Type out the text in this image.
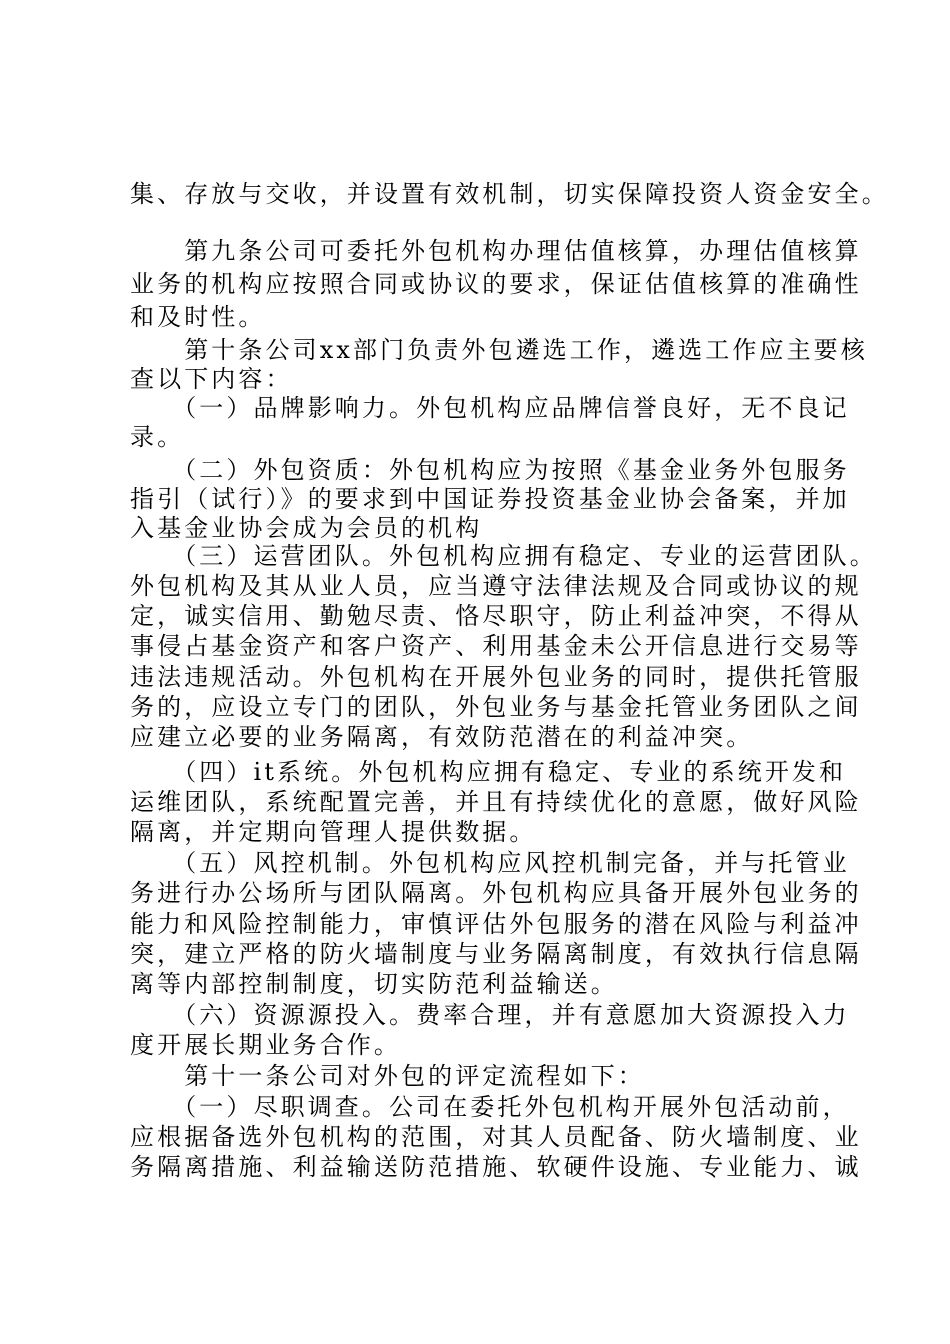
集、存放与交收，并设置有效机制，切实保障投资人资金安全。
　　第九条公司可委托外包机构办理估值核算，办理估值核算
业务的机构应按照合同或协议的要求，保证估值核算的准确性
和及时性。
　　第十条公司xx部门负责外包遴选工作，遴选工作应主要核
查以下内容：
　　（一）品牌影响力。外包机构应品牌信誉良好，无不良记
录。
　　（二）外包资质：外包机构应为按照《基金业务外包服务
指引（试行）》的要求到中国证券投资基金业协会备案，并加
入基金业协会成为会员的机构
　　（三）运营团队。外包机构应拥有稳定、专业的运营团队。
外包机构及其从业人员，应当遵守法律法规及合同或协议的规
定，诚实信用、勤勉尽责、恪尽职守，防止利益冲突，不得从
事侵占基金资产和客户资产、利用基金未公开信息进行交易等
违法违规活动。外包机构在开展外包业务的同时，提供托管服
务的，应设立专门的团队，外包业务与基金托管业务团队之间
应建立必要的业务隔离，有效防范潜在的利益冲突。
　　（四）it系统。外包机构应拥有稳定、专业的系统开发和
运维团队，系统配置完善，并且有持续优化的意愿，做好风险
隔离，并定期向管理人提供数据。
　　（五）风控机制。外包机构应风控机制完备，并与托管业
务进行办公场所与团队隔离。外包机构应具备开展外包业务的
能力和风险控制能力，审慎评估外包服务的潜在风险与利益冲
突，建立严格的防火墙制度与业务隔离制度，有效执行信息隔
离等内部控制制度，切实防范利益输送。
　　（六）资源源投入。费率合理，并有意愿加大资源投入力
度开展长期业务合作。
　　第十一条公司对外包的评定流程如下：
　　（一）尽职调查。公司在委托外包机构开展外包活动前，
应根据备选外包机构的范围，对其人员配备、防火墙制度、业
务隔离措施、利益输送防范措施、软硬件设施、专业能力、诚
